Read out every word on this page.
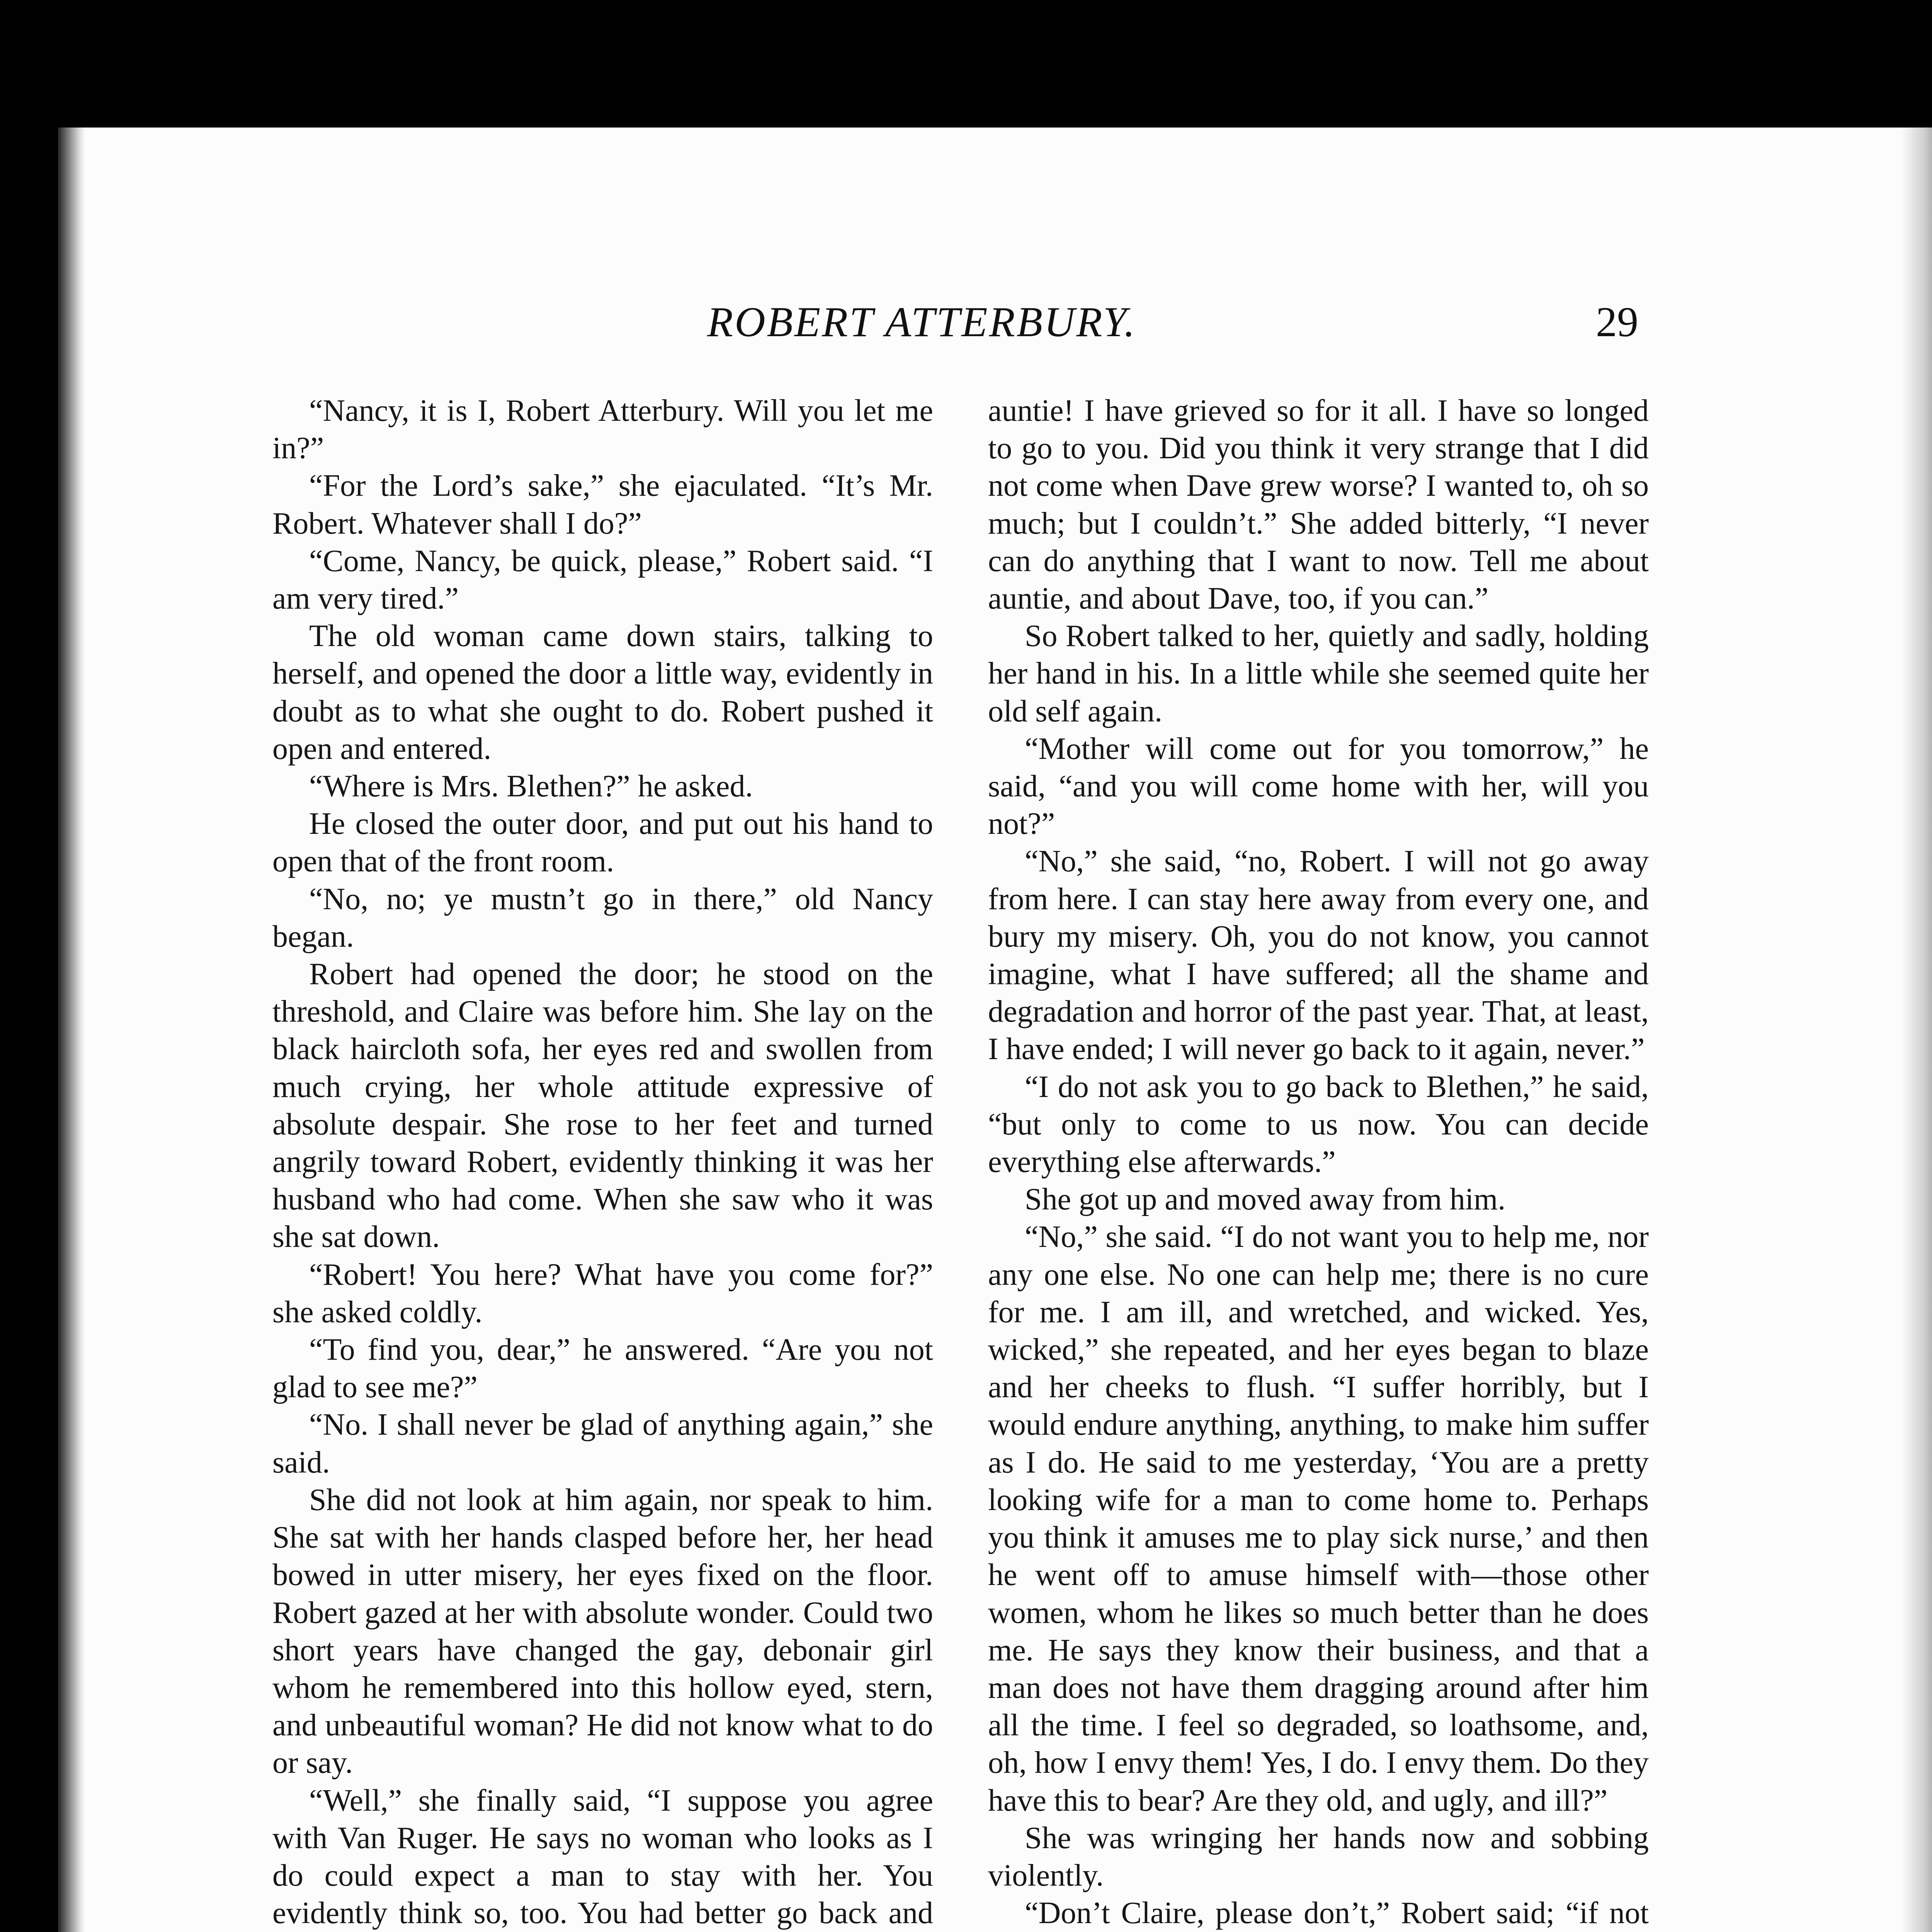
ROBERT ATTERBURY.	29

“Nancy, it is I, Robert Atterbury. Will you let me in?”

“For the Lord’s sake,” she ejaculated. “It’s Mr. Robert. Whatever shall I do?”

“Come, Nancy, be quick, please,” Robert said. “I am very tired.”

The old woman came down stairs, talking to herself, and opened the door a little way, evidently in doubt as to what she ought to do. Robert pushed it open and entered.

“Where is Mrs. Blethen?” he asked.

He closed the outer door, and put out his hand to open that of the front room.

“No, no; ye mustn’t go in there,” old Nancy began.

Robert had opened the door; he stood on the threshold, and Claire was before him. She lay on the black haircloth sofa, her eyes red and swollen from much crying, her whole attitude expressive of absolute despair. She rose to her feet and turned angrily toward Robert, evidently thinking it was her husband who had come. When she saw who it was she sat down.

“Robert! You here? What have you come for?” she asked coldly.

“To find you, dear,” he answered. “Are you not glad to see me?”

“No. I shall never be glad of anything again,” she said.

She did not look at him again, nor speak to him. She sat with her hands clasped before her, her head bowed in utter misery, her eyes fixed on the floor. Robert gazed at her with absolute wonder. Could two short years have changed the gay, debonair girl whom he remembered into this hollow eyed, stern, and unbeautiful woman? He did not know what to do or say.

“Well,” she finally said, “I suppose you agree with Van Ruger. He says no woman who looks as I do could expect a man to stay with her. You evidently think so, too. You had better go back and

auntie! I have grieved so for it all. I have so longed to go to you. Did you think it very strange that I did not come when Dave grew worse? I wanted to, oh so much; but I couldn’t.” She added bitterly, “I never can do anything that I want to now. Tell me about auntie, and about Dave, too, if you can.”

So Robert talked to her, quietly and sadly, holding her hand in his. In a little while she seemed quite her old self again.

“Mother will come out for you tomorrow,” he said, “and you will come home with her, will you not?”

“No,” she said, “no, Robert. I will not go away from here. I can stay here away from every one, and bury my misery. Oh, you do not know, you cannot imagine, what I have suffered; all the shame and degradation and horror of the past year. That, at least, I have ended; I will never go back to it again, never.”

“I do not ask you to go back to Blethen,” he said, “but only to come to us now. You can decide everything else afterwards.”

She got up and moved away from him.

“No,” she said. “I do not want you to help me, nor any one else. No one can help me; there is no cure for me. I am ill, and wretched, and wicked. Yes, wicked,” she repeated, and her eyes began to blaze and her cheeks to flush. “I suffer horribly, but I would endure anything, anything, to make him suffer as I do. He said to me yesterday, ‘You are a pretty looking wife for a man to come home to. Perhaps you think it amuses me to play sick nurse,’ and then he went off to amuse himself with—those other women, whom he likes so much better than he does me. He says they know their business, and that a man does not have them dragging around after him all the time. I feel so degraded, so loathsome, and, oh, how I envy them! Yes, I do. I envy them. Do they have this to bear? Are they old, and ugly, and ill?”

She was wringing her hands now and sobbing violently.

“Don’t Claire, please don’t,” Robert said; “if not
